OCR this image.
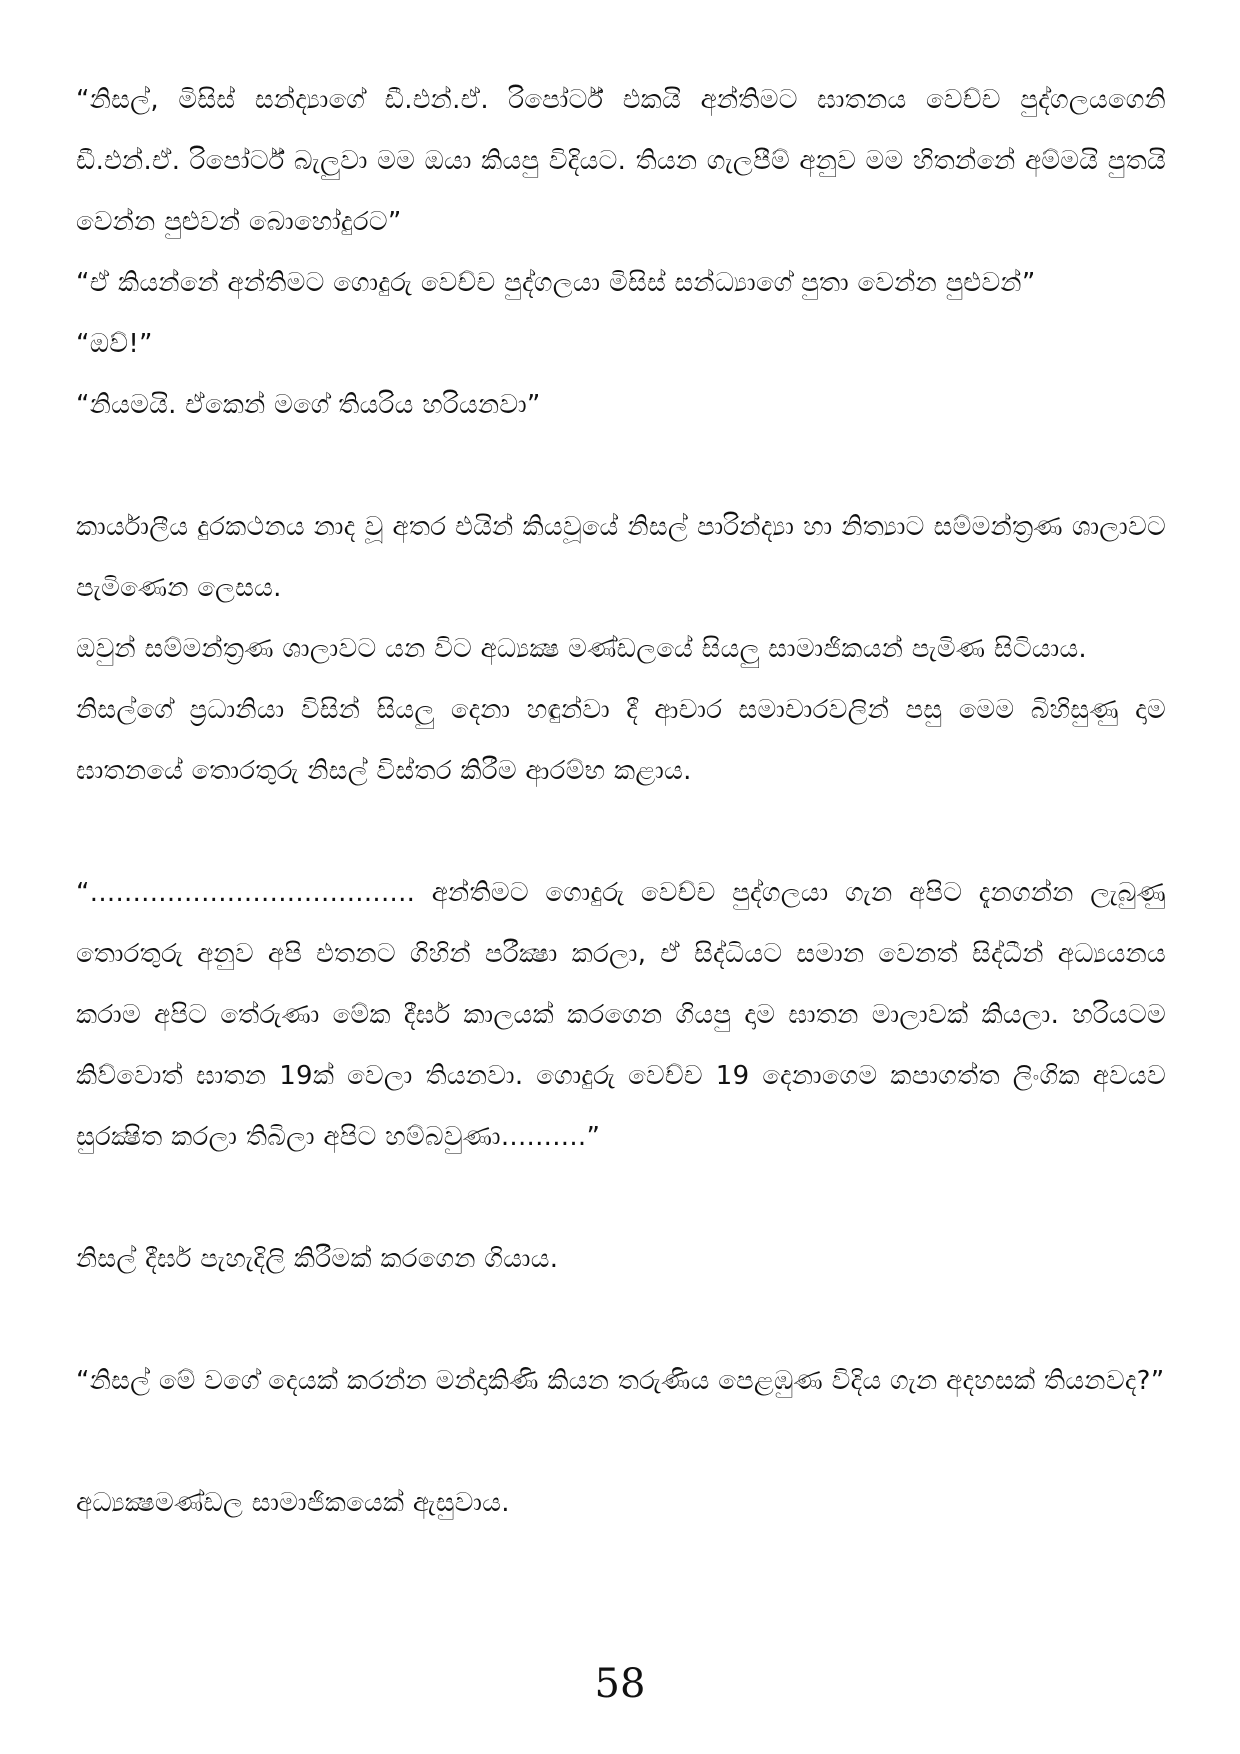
“නිසල්, මිසිස් සන්ද්‍යාගේ ඩී.එන්.ඒ. රිපෝර්ට් එකයි අන්තිමට ඝාතනය වෙච්ච පුද්ගලයගෙනි ඩී.එන්.ඒ. රිපෝර්ට් බැලුවා මම ඔයා කියපු විදියට. තියන ගැලපීම් අනුව මම හිතන්නේ අම්මයි පුතයි වෙන්න පුළුවන් බොහෝදුරට”

“ඒ කියන්නේ අන්තිමට ගොදුරු වෙච්ච පුද්ගලයා මිසිස් සන්ධ්‍යාගේ පුතා වෙන්න පුළුවන්”

“ඔව්!”

“නියමයි. ඒකෙන් මගේ තියරිය හරියනවා”

කාර්යාලීය දුරකථනය නාද වූ අතර එයින් කියවූයේ නිසල් පාරින්ද්‍යා හා නිත්‍යාට සම්මන්ත්‍රණ ශාලාවට පැමිණෙන ලෙසය.

ඔවුන් සම්මන්ත්‍රණ ශාලාවට යන විට අධ්‍යක්‍ෂ මණ්ඩලයේ සියලු සාමාජිකයන් පැමිණ සිටියාය.

නිසල්ගේ ප්‍රධානියා විසින් සියලු දෙනා හඳුන්වා දී ආචාර සමාචාරවලින් පසු මෙම බිහිසුණු දාම ඝාතනයේ තොරතුරු නිසල් විස්තර කිරීම ආරම්භ කළාය.

“...................................... අන්තිමට ගොදුරු වෙච්ච පුද්ගලයා ගැන අපිට දැනගන්න ලැබුණු තොරතුරු අනුව අපි එතනට ගිහින් පරීක්‍ෂා කරලා, ඒ සිද්ධියට සමාන වෙනත් සිද්ධීන් අධ්‍යයනය කරාම අපිට තේරුණා මේක දීර්ඝ කාලයක් කරගෙන ගියපු දාම ඝාතන මාලාවක් කියලා. හරියටම කිව්වොත් ඝාතන 19ක් වෙලා තියනවා. ගොදුරු වෙච්ච 19 දෙනාගෙම කපාගත්ත ලිංගික අවයව සුරක්‍ෂිත කරලා තිබිලා අපිට හම්බවුණා..........”

නිසල් දීර්ඝ පැහැදිලි කිරීමක් කරගෙන ගියාය.

“නිසල් මේ වගේ දෙයක් කරන්න මන්දාකිණි කියන තරුණිය පෙළඹුණ විදිය ගැන අදහසක් තියනවද?”

අධ්‍යක්‍ෂමණ්ඩල සාමාජිකයෙක් ඇසුවාය.

58
